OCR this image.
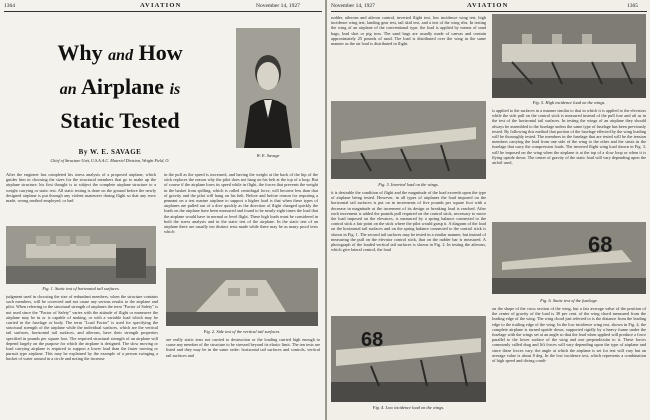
1364	AVIATION	November 14, 1927
Why and How
an Airplane is
Static Tested
W. E. Savage
By W. E. SAVAGE
Chief of Structure Unit, U.S.A.A.C. Materiel Division, Wright Field, O.
After the engineer has completed his stress analysis of a proposed airplane, which guides him in choosing the sizes for the structural members that go to make up the airplane structure, his first thought is to subject the complete airplane structure to a weight carrying or static test. All static testing is done on the ground before the newly designed airplane is put through any violent maneuver during flight so that any error made, wrong method employed, or bad
in the pull as the speed is increased, and having the weight at the back of the hip of the stick replaces the reason why the pilot does not hang on his belt at the top of a loop. But of course if the airplane loses its speed while in flight, the forces that prevents the weight in the basket from spilling, which is called centrifugal force, will become less than that of gravity and the pilot will hang on his belt. Before and before reason for requiring a pennant on a test marine airplane to support a higher load is that when these types of airplanes are pulled out of a dive quickly as the direction of flight changed quickly the loads on the airplane have been measured and found to be nearly eight times the load that the airplane would have in normal or level flight. These high loads must be considered in both the stress analysis and in the static test of the airplane. In the static test of an airplane there are usually ten distinct tests made while there may be as many proof tests which
Fig. 1. Static test of horizontal tail surfaces.
Fig. 2. Side test of the vertical tail surfaces.
judgment used in choosing the size of redundant members, when the structure contains such members, will be corrected and not cause any serious results to the airplane and pilot. When referring to the structural strength of airplanes the term "Factor of Safety" is not used since the "Factor of Safety" varies with the attitude of flight or maneuver the airplane may be in or is capable of making, or with a variable load which may be carried in the fuselage or body. The term "Load Factor" is used for specifying the structural strength of the airplane while the individual surfaces, which are the vertical tail surfaces, horizontal tail surfaces, and ailerons, have their strength properties specified in pounds per square foot. The required structural strength of an airplane will depend largely on the purpose for which the airplane is designed. The slow moving or load carrying airplane is required to support a lower load than the faster moving or pursuit type airplane. This may be explained by the example of a person swinging a bucket of water around in a circle and noting the increase
are really static tests not carried to destruction or the loading carried high enough to cause any member of the structure to be stressed beyond its elastic limit. The ten tests are listed and they may be in the same order: horizontal tail surfaces and controls, vertical tail surfaces and
November 14, 1927	AVIATION	1365
rudder, ailerons and aileron control, inverted flight test, low incidence wing test, high incidence wing test, landing gear test, tail skid test, and a test of the wing ribs. In testing the wing of an airplane of the conventional type, the load is applied by means of sand bags, lead shot or pig iron. The sand bags are usually made of canvas and contain approximately 25 pounds of sand. The load is distributed over the wing in the same manner as the air load is distributed in flight.
Fig. 5. High incidence load on the wings.
Fig. 3. Inverted load on the wings.
it is desirable the condition of flight and the magnitude of the load exceeds upon the type of airplane being tested. However, in all types of airplanes the load imposed on the horizontal tail surfaces is put on in increments of five pounds per square foot with a decrease in magnitude at the increment of its design or breaking load is reached. After each increment is added the pounds pull required on the control stick, necessary to move the load imposed on the elevators, is measured by a spring balance connected to the control stick a fair point on the stick where the pilot would grasp it. A diagram of the load on the horizontal tail surfaces and on the spring balance connected to the control stick is shown in Fig. 1. The second tail surfaces may be tested in a similar manner, but instead of measuring the pull on the elevator control stick, that on the rudder bar is measured. A photograph of the loaded vertical tail surfaces is shown in Fig. 2. In testing the ailerons, which give lateral control, the load
is applied to the surfaces in a manner similar to that in which it is applied to the elevators while the side pull on the control stick is measured instead of the pull fore and aft as in the test of the horizontal tail surfaces. In testing the wings of an airplane they should always be assembled to the fuselage unless the same type of fuselage has been previously tested. By following this method that portion of the fuselage effected by the wing loading will be thoroughly tested. The members in the fuselage that are tested will be the tension members carrying the load from one side of the wing to the other and the struts in the fuselage that carry the compression loads. The inverted flight wing load shown in Fig. 3, will be imposed on the wing when the airplane is at the top of a slow loop or when it is flying upside down. The center of gravity of the static load will vary depending upon the airfoil used,
68
Fig. 6. Static test of the fuselage.
68
Fig. 4. Low incidence load on the wings.
on the shape of the cross section of the wing, but a fair average value of the position of the center of gravity of the load is 30 per cent. of the wing chord measured from the leading edge of the wing. The wing chord just referred to is the distance from the leading edge to the trailing edge of the wing. In the low incidence wing test, shown in Fig. 4, the complete airplane is turned upside down, supported rigidly by a heavy frame under the fuselage with the wings set at an angle so that the load when applied will produce a force parallel to the lower surface of the wing and one perpendicular to it. These forces commonly called drag and lift forces will vary depending upon the type of airplane and since these forces vary, the angle at which the airplane is set for test will vary but an average value is about 8 deg. In the low incidence test, which represents a combination of high speed and diving condi-
